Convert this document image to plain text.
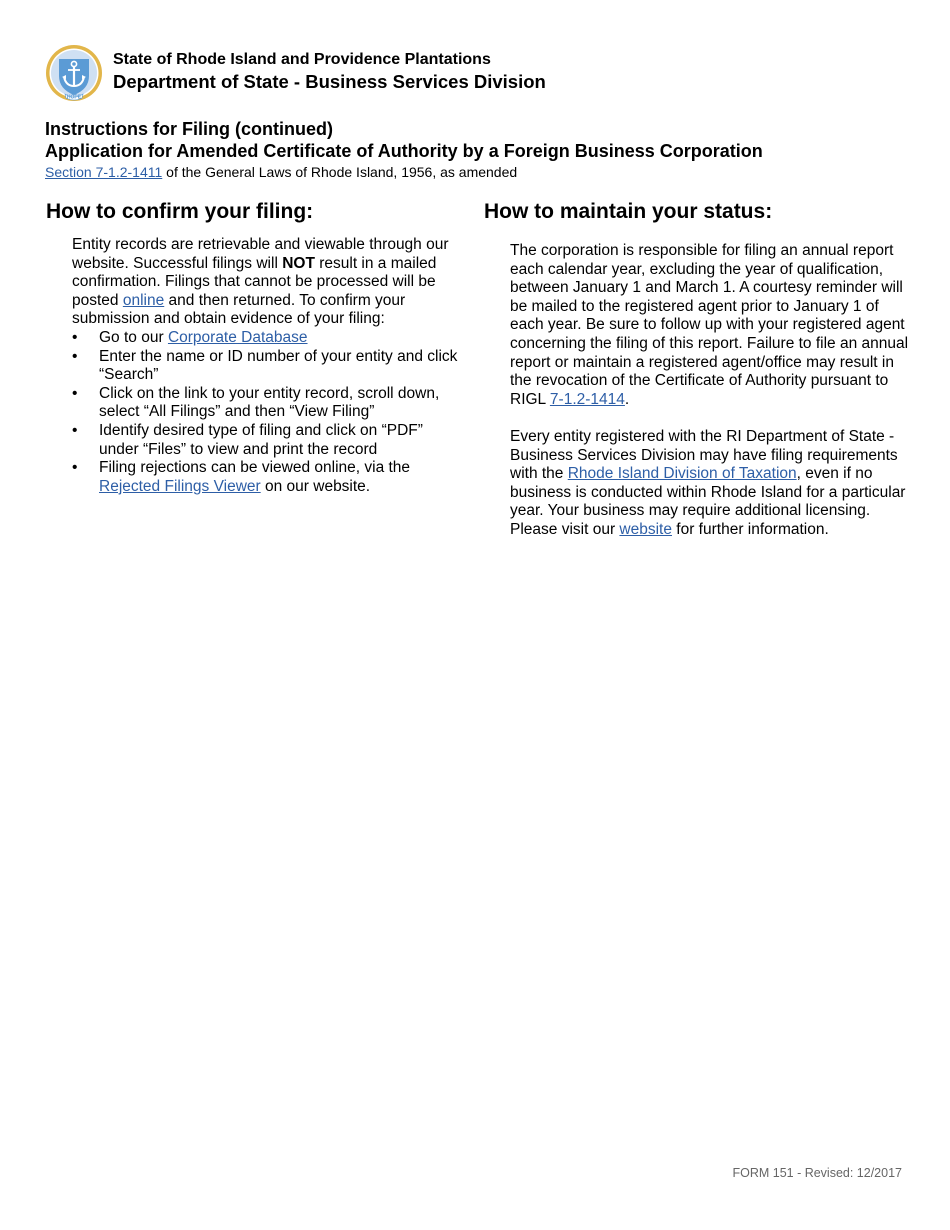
HOPE
State of Rhode Island and Providence Plantations
Department of State - Business Services Division
Instructions for Filing (continued)
Application for Amended Certificate of Authority by a Foreign Business Corporation
Section 7-1.2-1411 of the General Laws of Rhode Island, 1956, as amended
How to confirm your filing:
Entity records are retrievable and viewable through our website. Successful filings will NOT result in a mailed confirmation. Filings that cannot be processed will be posted online and then returned. To confirm your submission and obtain evidence of your filing:
• Go to our Corporate Database
• Enter the name or ID number of your entity and click “Search”
• Click on the link to your entity record, scroll down, select “All Filings” and then “View Filing”
• Identify desired type of filing and click on “PDF” under “Files” to view and print the record
• Filing rejections can be viewed online, via the Rejected Filings Viewer on our website.
How to maintain your status:
The corporation is responsible for filing an annual report each calendar year, excluding the year of qualification, between January 1 and March 1. A courtesy reminder will be mailed to the registered agent prior to January 1 of each year. Be sure to follow up with your registered agent concerning the filing of this report. Failure to file an annual report or maintain a registered agent/office may result in the revocation of the Certificate of Authority pursuant to RIGL 7-1.2-1414.
Every entity registered with the RI Department of State - Business Services Division may have filing requirements with the Rhode Island Division of Taxation, even if no business is conducted within Rhode Island for a particular year. Your business may require additional licensing. Please visit our website for further information.
FORM 151 - Revised: 12/2017
